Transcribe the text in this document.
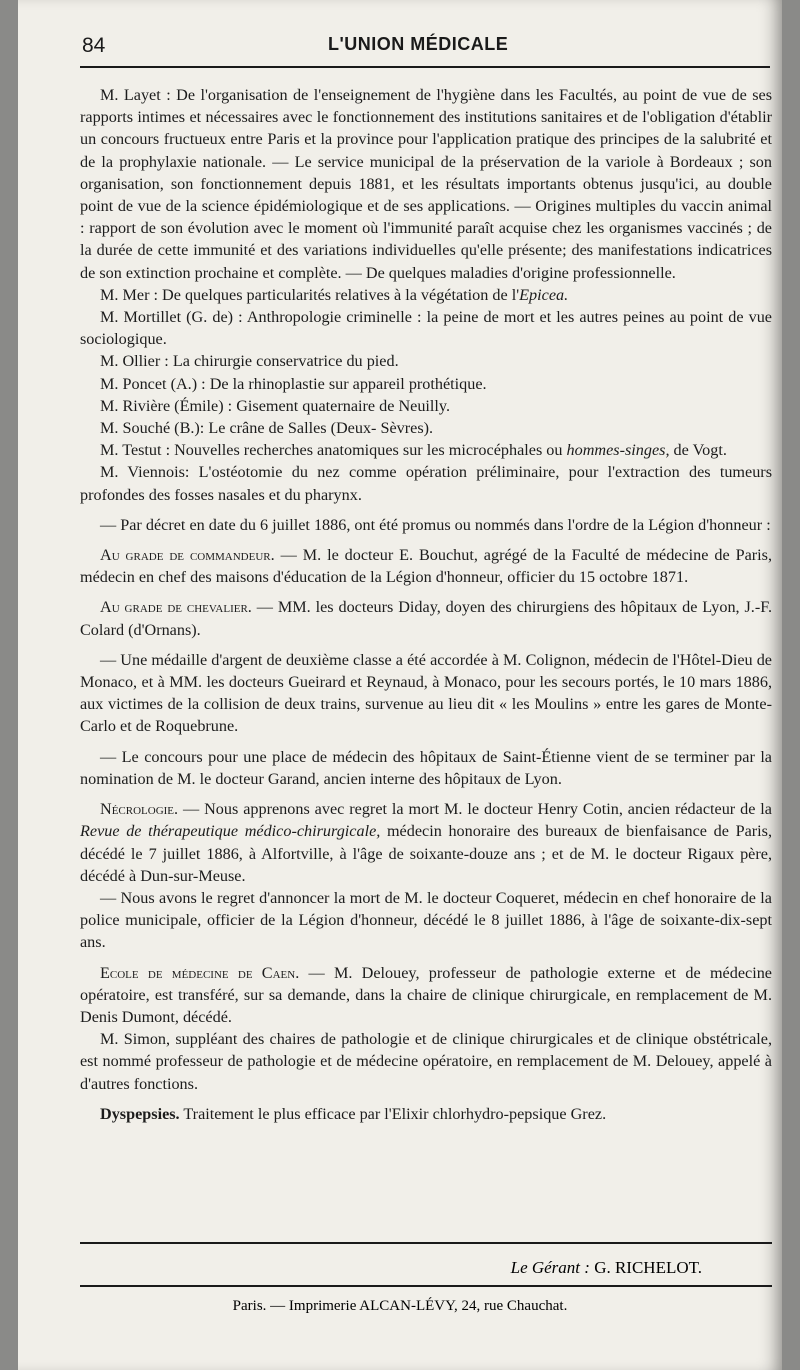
84	L'UNION MÉDICALE

M. Layet : De l'organisation de l'enseignement de l'hygiène dans les Facultés, au point de vue de ses rapports intimes et nécessaires avec le fonctionnement des institutions sanitaires et de l'obligation d'établir un concours fructueux entre Paris et la province pour l'application pratique des principes de la salubrité et de la prophylaxie nationale. — Le service municipal de la préservation de la variole à Bordeaux ; son organisation, son fonctionnement depuis 1881, et les résultats importants obtenus jusqu'ici, au double point de vue de la science épidémiologique et de ses applications. — Origines multiples du vaccin animal : rapport de son évolution avec le moment où l'immunité paraît acquise chez les organismes vaccinés ; de la durée de cette immunité et des variations individuelles qu'elle présente; des manifestations indicatrices de son extinction prochaine et complète. — De quelques maladies d'origine professionnelle.

M. Mer : De quelques particularités relatives à la végétation de l'Epicea.

M. Mortillet (G. de) : Anthropologie criminelle : la peine de mort et les autres peines au point de vue sociologique.

M. Ollier : La chirurgie conservatrice du pied.

M. Poncet (A.) : De la rhinoplastie sur appareil prothétique.

M. Rivière (Émile) : Gisement quaternaire de Neuilly.

M. Souché (B.): Le crâne de Salles (Deux- Sèvres).

M. Testut : Nouvelles recherches anatomiques sur les microcéphales ou hommes-singes, de Vogt.

M. Viennois: L'ostéotomie du nez comme opération préliminaire, pour l'extraction des tumeurs profondes des fosses nasales et du pharynx.

— Par décret en date du 6 juillet 1886, ont été promus ou nommés dans l'ordre de la Légion d'honneur :

Au grade de commandeur. — M. le docteur E. Bouchut, agrégé de la Faculté de médecine de Paris, médecin en chef des maisons d'éducation de la Légion d'honneur, officier du 15 octobre 1871.

Au grade de chevalier. — MM. les docteurs Diday, doyen des chirurgiens des hôpitaux de Lyon, J.-F. Colard (d'Ornans).

— Une médaille d'argent de deuxième classe a été accordée à M. Colignon, médecin de l'Hôtel-Dieu de Monaco, et à MM. les docteurs Gueirard et Reynaud, à Monaco, pour les secours portés, le 10 mars 1886, aux victimes de la collision de deux trains, survenue au lieu dit « les Moulins » entre les gares de Monte-Carlo et de Roquebrune.

— Le concours pour une place de médecin des hôpitaux de Saint-Étienne vient de se terminer par la nomination de M. le docteur Garand, ancien interne des hôpitaux de Lyon.

Nécrologie. — Nous apprenons avec regret la mort M. le docteur Henry Cotin, ancien rédacteur de la Revue de thérapeutique médico-chirurgicale, médecin honoraire des bureaux de bienfaisance de Paris, décédé le 7 juillet 1886, à Alfortville, à l'âge de soixante-douze ans ; et de M. le docteur Rigaux père, décédé à Dun-sur-Meuse.

— Nous avons le regret d'annoncer la mort de M. le docteur Coqueret, médecin en chef honoraire de la police municipale, officier de la Légion d'honneur, décédé le 8 juillet 1886, à l'âge de soixante-dix-sept ans.

Ecole de médecine de Caen. — M. Delouey, professeur de pathologie externe et de médecine opératoire, est transféré, sur sa demande, dans la chaire de clinique chirurgicale, en remplacement de M. Denis Dumont, décédé.

M. Simon, suppléant des chaires de pathologie et de clinique chirurgicales et de clinique obstétricale, est nommé professeur de pathologie et de médecine opératoire, en remplacement de M. Delouey, appelé à d'autres fonctions.

Dyspepsies. Traitement le plus efficace par l'Elixir chlorhydro-pepsique Grez.

Le Gérant : G. RICHELOT.
Paris. — Imprimerie ALCAN-LÉVY, 24, rue Chauchat.
